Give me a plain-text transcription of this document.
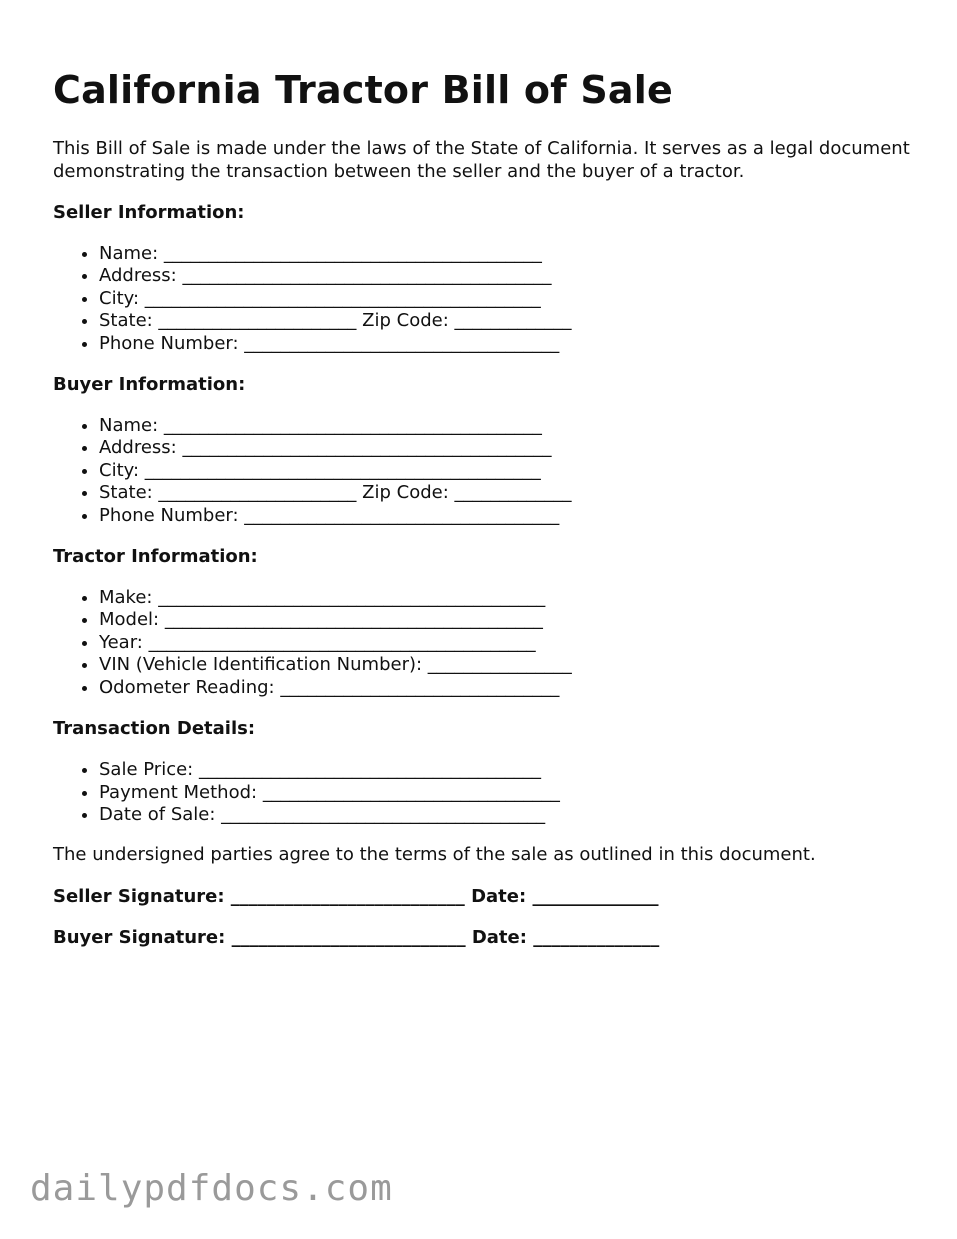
California Tractor Bill of Sale

This Bill of Sale is made under the laws of the State of California. It serves as a legal document demonstrating the transaction between the seller and the buyer of a tractor.

Seller Information:
• Name: __________________________________________
• Address: _________________________________________
• City: ____________________________________________
• State: ______________________ Zip Code: _____________
• Phone Number: ___________________________________
Buyer Information:
• Name: __________________________________________
• Address: _________________________________________
• City: ____________________________________________
• State: ______________________ Zip Code: _____________
• Phone Number: ___________________________________
Tractor Information:
• Make: ___________________________________________
• Model: __________________________________________
• Year: ___________________________________________
• VIN (Vehicle Identification Number): ________________
• Odometer Reading: _______________________________
Transaction Details:
• Sale Price: ______________________________________
• Payment Method: _________________________________
• Date of Sale: ____________________________________

The undersigned parties agree to the terms of the sale as outlined in this document.

Seller Signature: __________________________ Date: ______________
Buyer Signature: __________________________ Date: ______________
dailypdfdocs.com
